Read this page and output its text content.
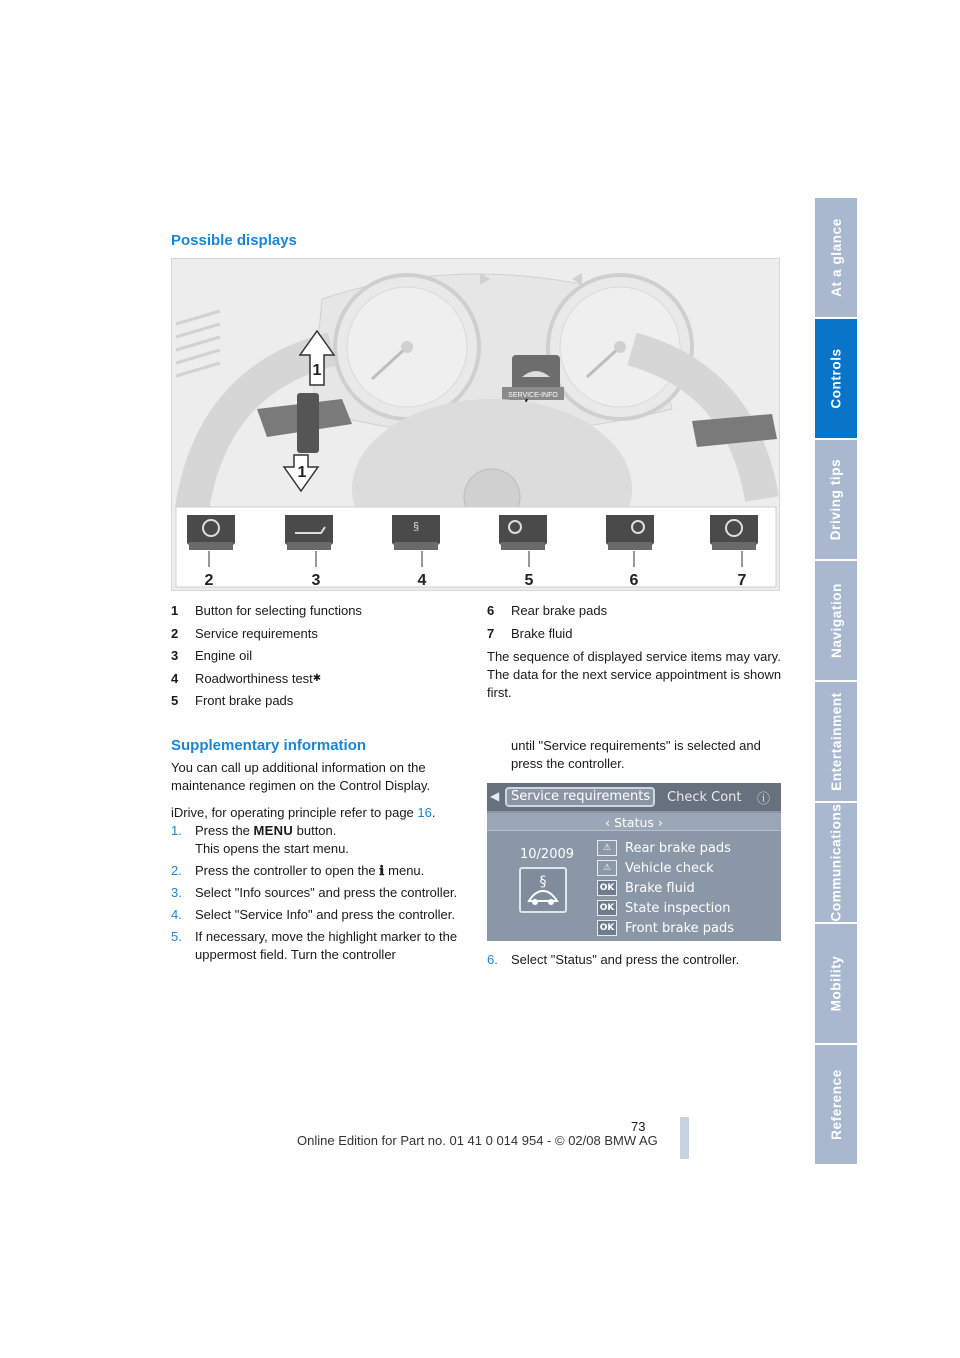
At a glance
Controls
Driving tips
Navigation
Entertainment
Communications
Mobility
Reference
Possible displays
SERVICE-INFO
1
1
§
2	3	4	5	6	7
1	Button for selecting functions
2	Service requirements
3	Engine oil
4	Roadworthiness test ✱
5	Front brake pads
6	Rear brake pads
7	Brake fluid

The sequence of displayed service items may vary. The data for the next service appointment is shown first.

Supplementary information

You can call up additional information on the maintenance regimen on the Control Display.

iDrive, for operating principle refer to page 16.

1.	Press the MENU button.
This opens the start menu.
2.	Press the controller to open the ℹ menu.
3.	Select "Info sources" and press the controller.
4.	Select "Service Info" and press the controller.
5.	If necessary, move the highlight marker to the uppermost field. Turn the controller

until "Service requirements" is selected and press the controller.

◀ Service requirements	Check Cont ⓘ
‹ Status ›
10/2009
§
⚠	Rear brake pads
⚠	Vehicle check
OK Brake fluid
OK State inspection
OK Front brake pads
6.	Select "Status" and press the controller.
73
Online Edition for Part no. 01 41 0 014 954 - © 02/08 BMW AG
